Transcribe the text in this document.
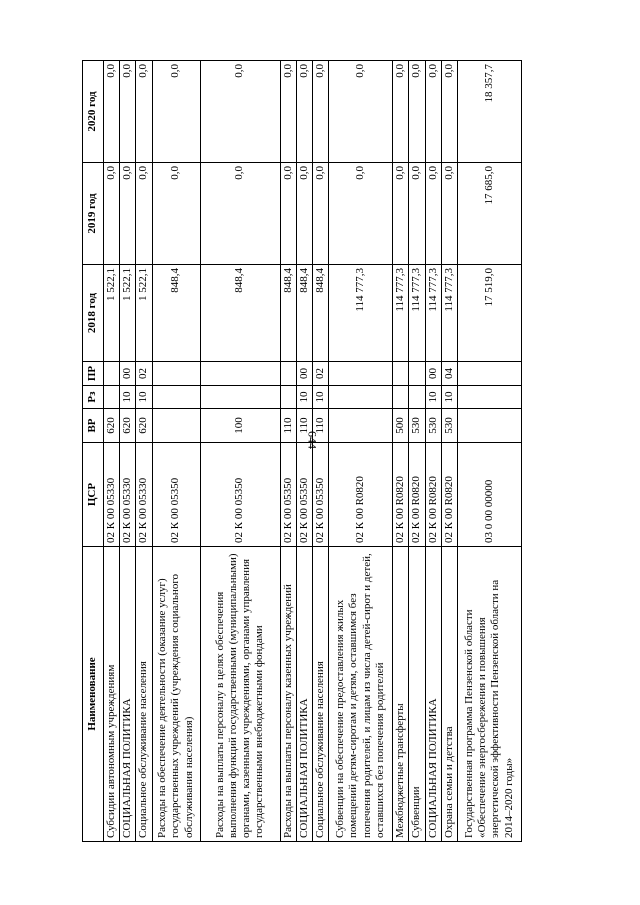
644
Наименование	ЦСР	ВР	Рз	ПР	2018 год	2019 год	2020 год
Субсидии автономным учреждениям	02 К 00 05330	620			1 522,1	0,0	0,0
СОЦИАЛЬНАЯ ПОЛИТИКА	02 К 00 05330	620	10	00	1 522,1	0,0	0,0
Социальное обслуживание населения	02 К 00 05330	620	10	02	1 522,1	0,0	0,0
Расходы на обеспечение деятельности (оказание услуг) государственных учреждений (учреждения социального обслуживания населения)	02 К 00 05350				848,4	0,0	0,0
Расходы на выплаты персоналу в целях обеспечения выполнения функций государственными (муниципальными) органами, казенными учреждениями, органами управления государственными внебюджетными фондами	02 К 00 05350	100			848,4	0,0	0,0
Расходы на выплаты персоналу казенных учреждений	02 К 00 05350	110			848,4	0,0	0,0
СОЦИАЛЬНАЯ ПОЛИТИКА	02 К 00 05350	110	10	00	848,4	0,0	0,0
Социальное обслуживание населения	02 К 00 05350	110	10	02	848,4	0,0	0,0
Субвенции на обеспечение предоставления жилых помещений детям-сиротам и детям, оставшимся без попечения родителей, и лицам из числа детей-сирот и детей, оставшихся без попечения родителей	02 К 00 R0820				114 777,3	0,0	0,0
Межбюджетные трансферты	02 К 00 R0820	500			114 777,3	0,0	0,0
Субвенции	02 К 00 R0820	530			114 777,3	0,0	0,0
СОЦИАЛЬНАЯ ПОЛИТИКА	02 К 00 R0820	530	10	00	114 777,3	0,0	0,0
Охрана семьи и детства	02 К 00 R0820	530	10	04	114 777,3	0,0	0,0
Государственная программа Пензенской области «Обеспечение энергосбережения и повышения энергетической эффективности Пензенской области на 2014–2020 годы»	03 0 00 00000				17 519,0	17 685,0	18 357,7
